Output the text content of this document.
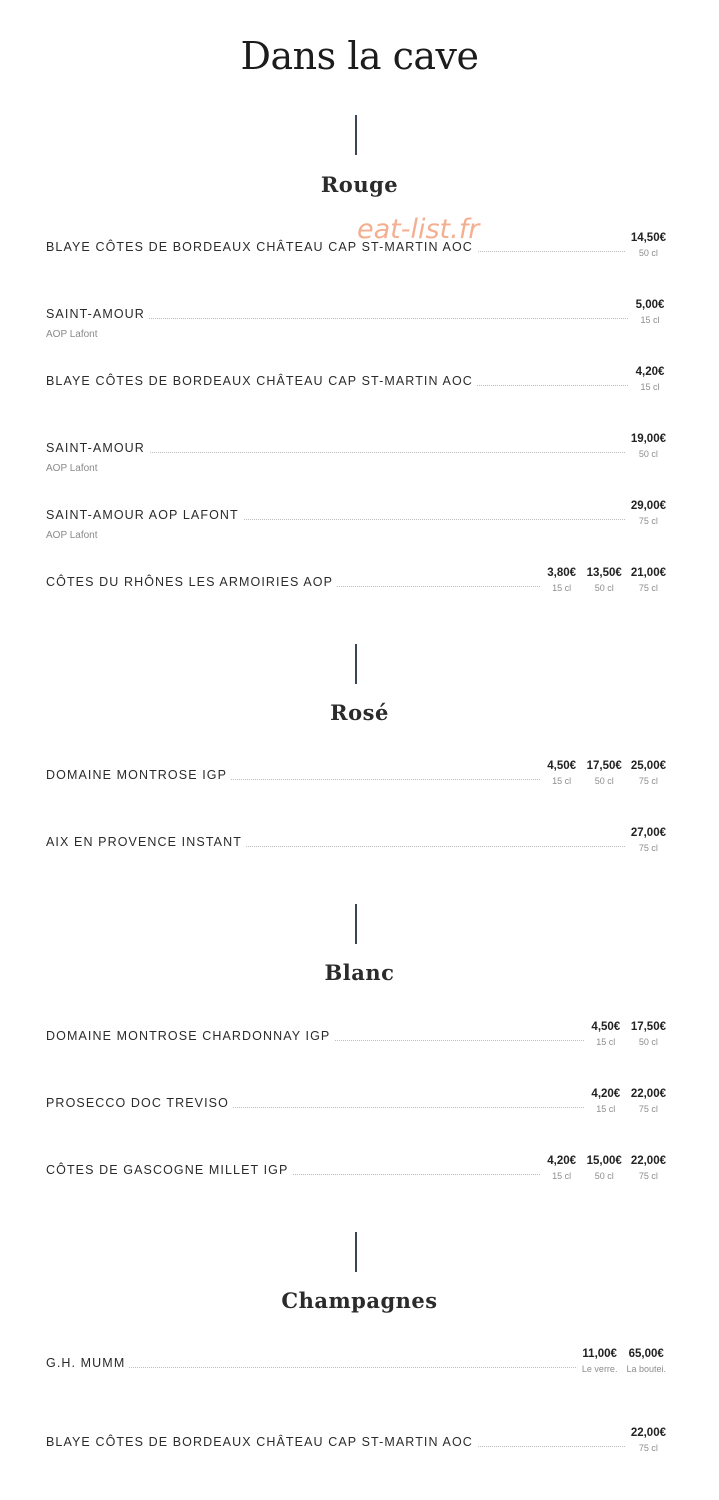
Dans la cave
eat-list.fr
Rouge
BLAYE CÔTES DE BORDEAUX CHÂTEAU CAP ST-MARTIN AOC
14,50€
50 cl
SAINT-AMOUR
5,00€
15 cl
AOP Lafont
BLAYE CÔTES DE BORDEAUX CHÂTEAU CAP ST-MARTIN AOC
4,20€
15 cl
SAINT-AMOUR
19,00€
50 cl
AOP Lafont
SAINT-AMOUR AOP LAFONT
29,00€
75 cl
AOP Lafont
CÔTES DU RHÔNES LES ARMOIRIES AOP
3,80€
15 cl
13,50€
50 cl
21,00€
75 cl
Rosé
DOMAINE MONTROSE IGP
4,50€
15 cl
17,50€
50 cl
25,00€
75 cl
AIX EN PROVENCE INSTANT
27,00€
75 cl
Blanc
DOMAINE MONTROSE CHARDONNAY IGP
4,50€
15 cl
17,50€
50 cl
PROSECCO DOC TREVISO
4,20€
15 cl
22,00€
75 cl
CÔTES DE GASCOGNE MILLET IGP
4,20€
15 cl
15,00€
50 cl
22,00€
75 cl
Champagnes
G.H. MUMM
11,00€
Le verre.
65,00€
La boutei.
BLAYE CÔTES DE BORDEAUX CHÂTEAU CAP ST-MARTIN AOC
22,00€
75 cl
